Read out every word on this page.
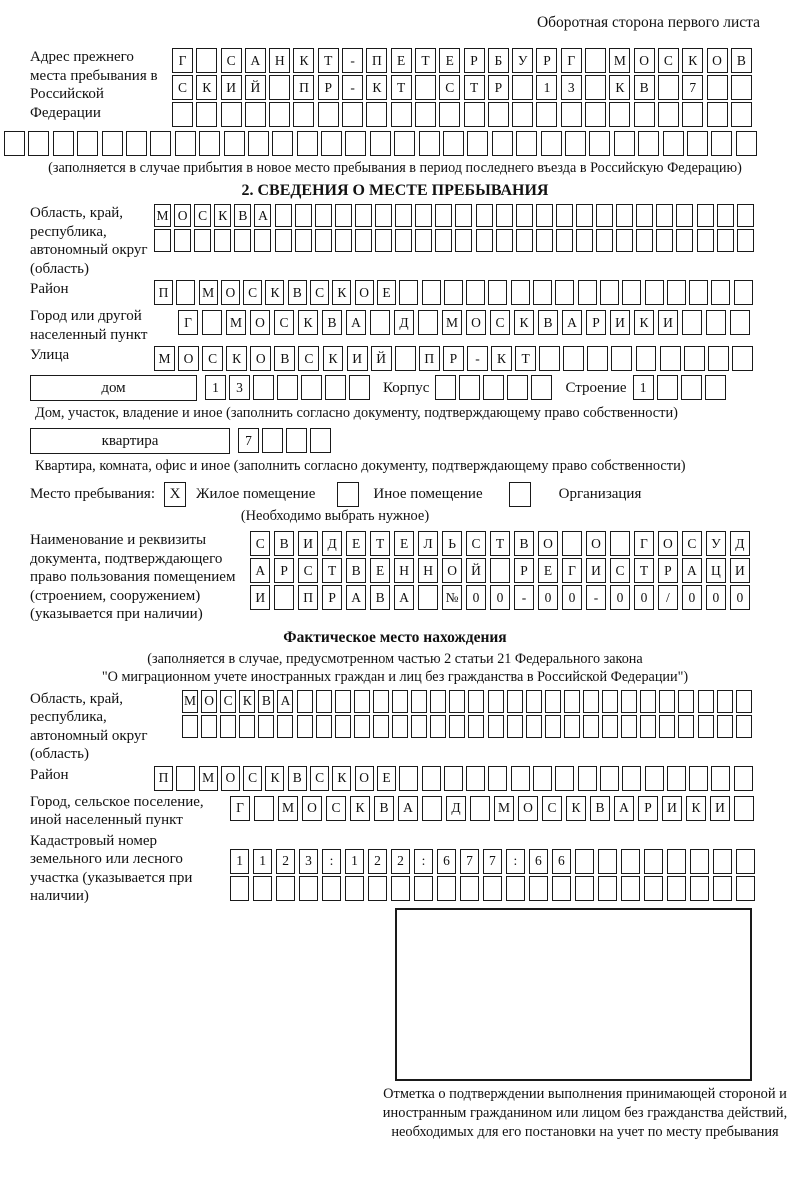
Оборотная сторона первого листа
Адрес прежнего места пребывания в Российской Федерации
Г	С	А	Н	К	Т	-	П	Е	Т	Е	Р	Б	У	Р	Г	М О	С	К	О	В
С	К	И	Й	П	Р	-	К	Т	С	Т	Р	1	3	К	В	7
(заполняется в случае прибытия в новое место пребывания в период последнего въезда в Российскую Федерацию)
2. СВЕДЕНИЯ О МЕСТЕ ПРЕБЫВАНИЯ
Область, край, республика, автономный округ (область)
М О С К В А
Район	П	М О С К В С К О Е
Город или другой населенный пункт
Г	М О	С	К	В	А	Д	М О	С	К	В	А	Р	И	К	И
Улица	М О	С	К	О	В	С	К	И	Й	П	Р	-	К	Т
дом	1	3	Корпус	Строение 1
Дом, участок, владение и иное (заполнить согласно документу, подтверждающему право собственности)
квартира	7
Квартира, комната, офис и иное (заполнить согласно документу, подтверждающему право собственности)
Место пребывания: X	Жилое помещение	Иное помещение	Организация
(Необходимо выбрать нужное)
Наименование и реквизиты документа, подтверждающего право пользования помещением (строением, сооружением) (указывается при наличии)
С	В	И	Д	Е	Т	Е	Л	Ь	С	Т	В	О	О	Г	О	С	У	Д
А	Р	С	Т	В	Е	Н	Н	О	Й	Р	Е	Г	И	С	Т	Р	А	Ц	И
И	П	Р	А	В	А	№	0	0	-	0	0	-	0	0	/	0	0	0
Фактическое место нахождения
(заполняется в случае, предусмотренном частью 2 статьи 21 Федерального закона
"О миграционном учете иностранных граждан и лиц без гражданства в Российской Федерации")
Область, край, республика, автономный округ (область)
М О С К В А
Район	П	М О С К В С К О Е
Город, сельское поселение, иной населенный пункт
Г	М О	С	К	В	А	Д	М О	С	К	В	А	Р	И	К	И
Кадастровый номер земельного или лесного участка (указывается при наличии)
1	1	2	3	:	1	2	2	:	6	7	7	:	6	6
Отметка о подтверждении выполнения принимающей стороной и иностранным гражданином или лицом без гражданства действий, необходимых для его постановки на учет по месту пребывания
